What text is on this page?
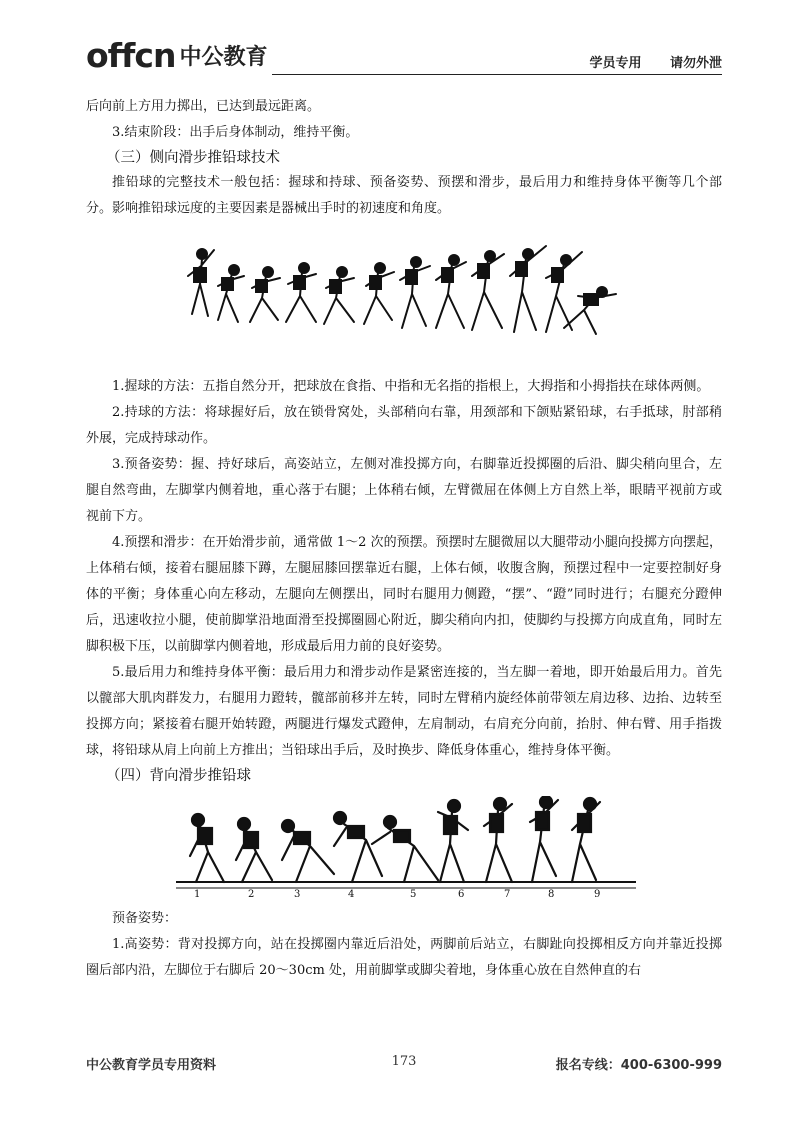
offcn 中公教育	学员专用 请勿外泄

后向前上方用力掷出，已达到最远距离。

3.结束阶段：出手后身体制动，维持平衡。

（三）侧向滑步推铅球技术

推铅球的完整技术一般包括：握球和持球、预备姿势、预摆和滑步，最后用力和维持身体平衡等几个部分。影响推铅球远度的主要因素是器械出手时的初速度和角度。

1.握球的方法：五指自然分开，把球放在食指、中指和无名指的指根上，大拇指和小拇指扶在球体两侧。

2.持球的方法：将球握好后，放在锁骨窝处，头部稍向右靠，用颈部和下颌贴紧铅球，右手抵球，肘部稍外展，完成持球动作。

3.预备姿势：握、持好球后，高姿站立，左侧对准投掷方向，右脚靠近投掷圈的后沿、脚尖稍向里合，左腿自然弯曲，左脚掌内侧着地，重心落于右腿；上体稍右倾，左臂微屈在体侧上方自然上举，眼睛平视前方或视前下方。

4.预摆和滑步：在开始滑步前，通常做 1～2 次的预摆。预摆时左腿微屈以大腿带动小腿向投掷方向摆起，上体稍右倾，接着右腿屈膝下蹲，左腿屈膝回摆靠近右腿，上体右倾，收腹含胸，预摆过程中一定要控制好身体的平衡；身体重心向左移动，左腿向左侧摆出，同时右腿用力侧蹬，“摆”、“蹬”同时进行；右腿充分蹬伸后，迅速收拉小腿，使前脚掌沿地面滑至投掷圈圆心附近，脚尖稍向内扣，使脚约与投掷方向成直角，同时左脚积极下压，以前脚掌内侧着地，形成最后用力前的良好姿势。

5.最后用力和维持身体平衡：最后用力和滑步动作是紧密连接的，当左脚一着地，即开始最后用力。首先以髋部大肌肉群发力，右腿用力蹬转，髋部前移并左转，同时左臂稍内旋经体前带领左肩边移、边抬、边转至投掷方向；紧接着右腿开始转蹬，两腿进行爆发式蹬伸，左肩制动，右肩充分向前，抬肘、伸右臂、用手指拨球，将铅球从肩上向前上方推出；当铅球出手后，及时换步、降低身体重心，维持身体平衡。

（四）背向滑步推铅球
1	2	3	4	5	6	7	8	9

预备姿势：

1.高姿势：背对投掷方向，站在投掷圈内靠近后沿处，两脚前后站立，右脚趾向投掷相反方向并靠近投掷圈后部内沿，左脚位于右脚后 20～30cm 处，用前脚掌或脚尖着地，身体重心放在自然伸直的右

中公教育学员专用资料	173	报名专线：400-6300-999
